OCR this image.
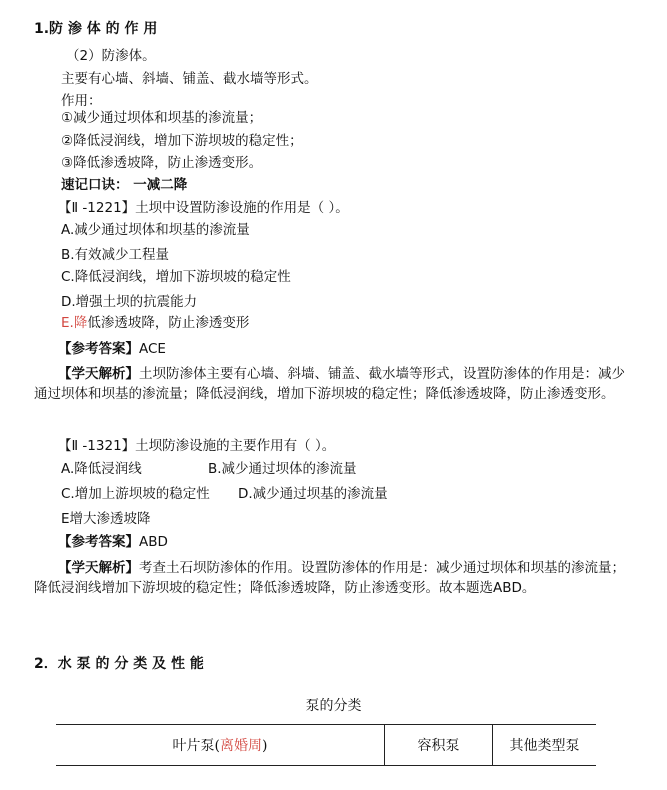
1.防 渗 体 的 作 用
（2）防渗体。
主要有心墙、斜墙、铺盖、截水墙等形式。
作用：
①减少通过坝体和坝基的渗流量；
②降低浸润线，增加下游坝坡的稳定性；
③降低渗透坡降，防止渗透变形。
速记口诀： 一减二降
【Ⅱ -1221】土坝中设置防渗设施的作用是（ ）。
A.减少通过坝体和坝基的渗流量
B.有效减少工程量
C.降低浸润线，增加下游坝坡的稳定性
D.增强土坝的抗震能力
E.降低渗透坡降，防止渗透变形
【参考答案】ACE
【学天解析】土坝防渗体主要有心墙、斜墙、铺盖、截水墙等形式，设置防渗体的作用是：减少通过坝体和坝基的渗流量；降低浸润线，增加下游坝坡的稳定性；降低渗透坡降，防止渗透变形。
【Ⅱ -1321】土坝防渗设施的主要作用有（ ）。
A.降低浸润线	B.减少通过坝体的渗流量
C.增加上游坝坡的稳定性 D.减少通过坝基的渗流量
E增大渗透坡降
【参考答案】ABD
【学天解析】考查土石坝防渗体的作用。设置防渗体的作用是：减少通过坝体和坝基的渗流量；降低浸润线增加下游坝坡的稳定性；降低渗透坡降，防止渗透变形。故本题选ABD。
2．水 泵 的 分 类 及 性 能
泵的分类
叶片泵(离婚周)	容积泵	其他类型泵
